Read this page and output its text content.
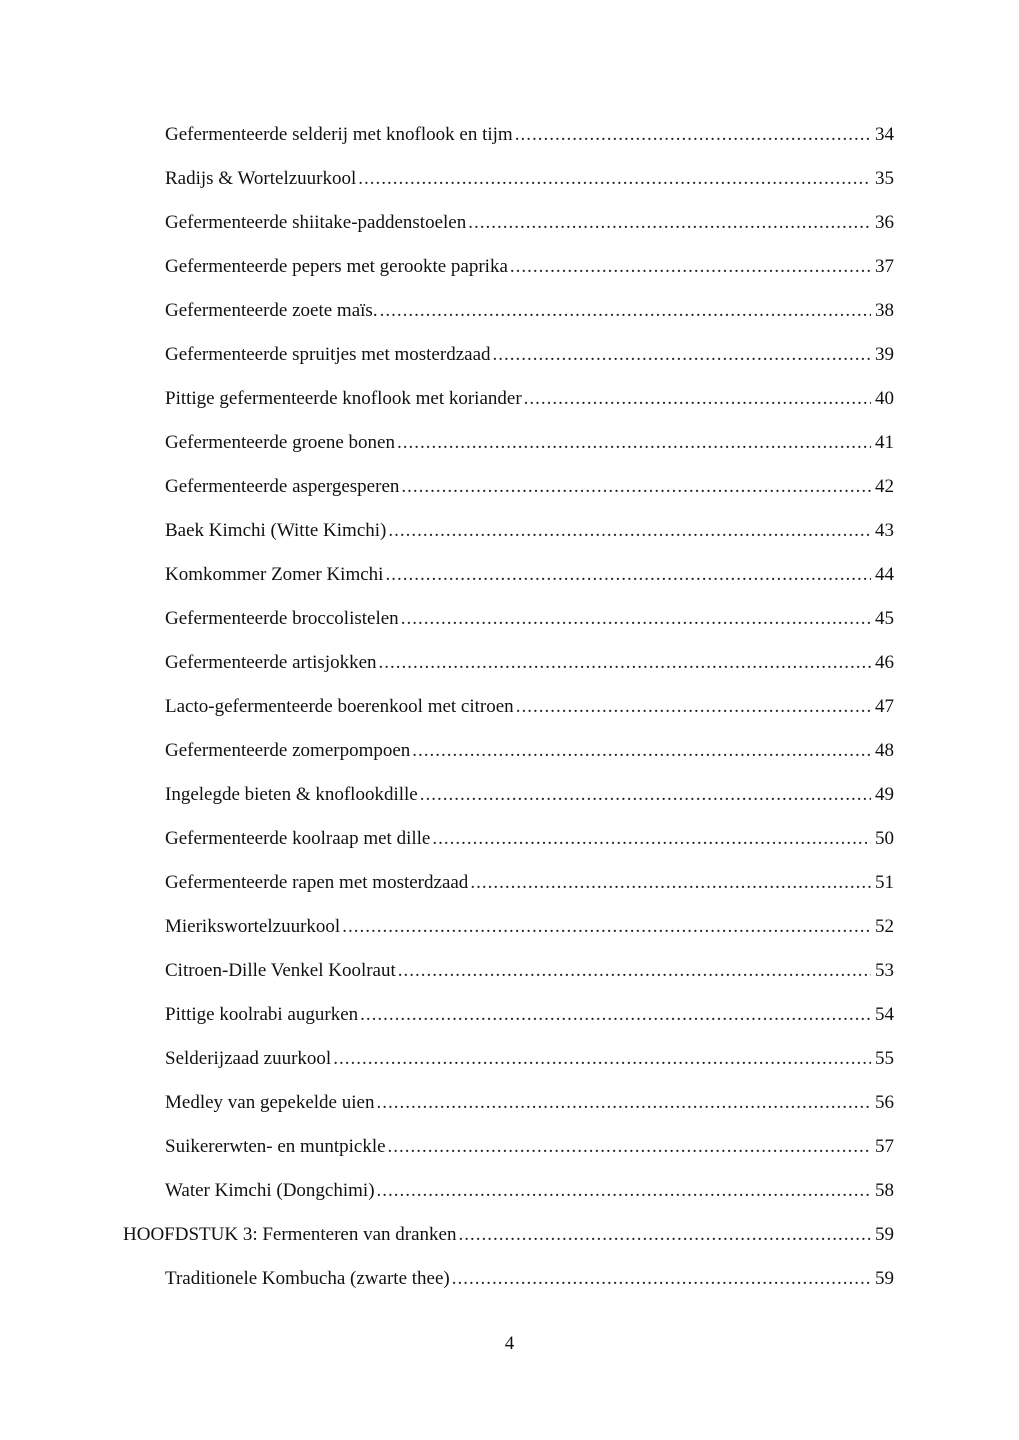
Gefermenteerde selderij met knoflook en tijm .....	34
Radijs & Wortelzuurkool .....	35
Gefermenteerde shiitake-paddenstoelen .....	36
Gefermenteerde pepers met gerookte paprika .....	37
Gefermenteerde zoete maïs. .....	38
Gefermenteerde spruitjes met mosterdzaad .....	39
Pittige gefermenteerde knoflook met koriander .....	40
Gefermenteerde groene bonen .....	41
Gefermenteerde aspergesperen .....	42
Baek Kimchi (Witte Kimchi) .....	43
Komkommer Zomer Kimchi .....	44
Gefermenteerde broccolistelen .....	45
Gefermenteerde artisjokken .....	46
Lacto-gefermenteerde boerenkool met citroen .....	47
Gefermenteerde zomerpompoen .....	48
Ingelegde bieten & knoflookdille .....	49
Gefermenteerde koolraap met dille .....	50
Gefermenteerde rapen met mosterdzaad .....	51
Mierikswortelzuurkool .....	52
Citroen-Dille Venkel Koolraut .....	53
Pittige koolrabi augurken .....	54
Selderijzaad zuurkool .....	55
Medley van gepekelde uien .....	56
Suikererwten- en muntpickle .....	57
Water Kimchi (Dongchimi) .....	58
HOOFDSTUK 3: Fermenteren van dranken .....	59
Traditionele Kombucha (zwarte thee) .....	59
4
